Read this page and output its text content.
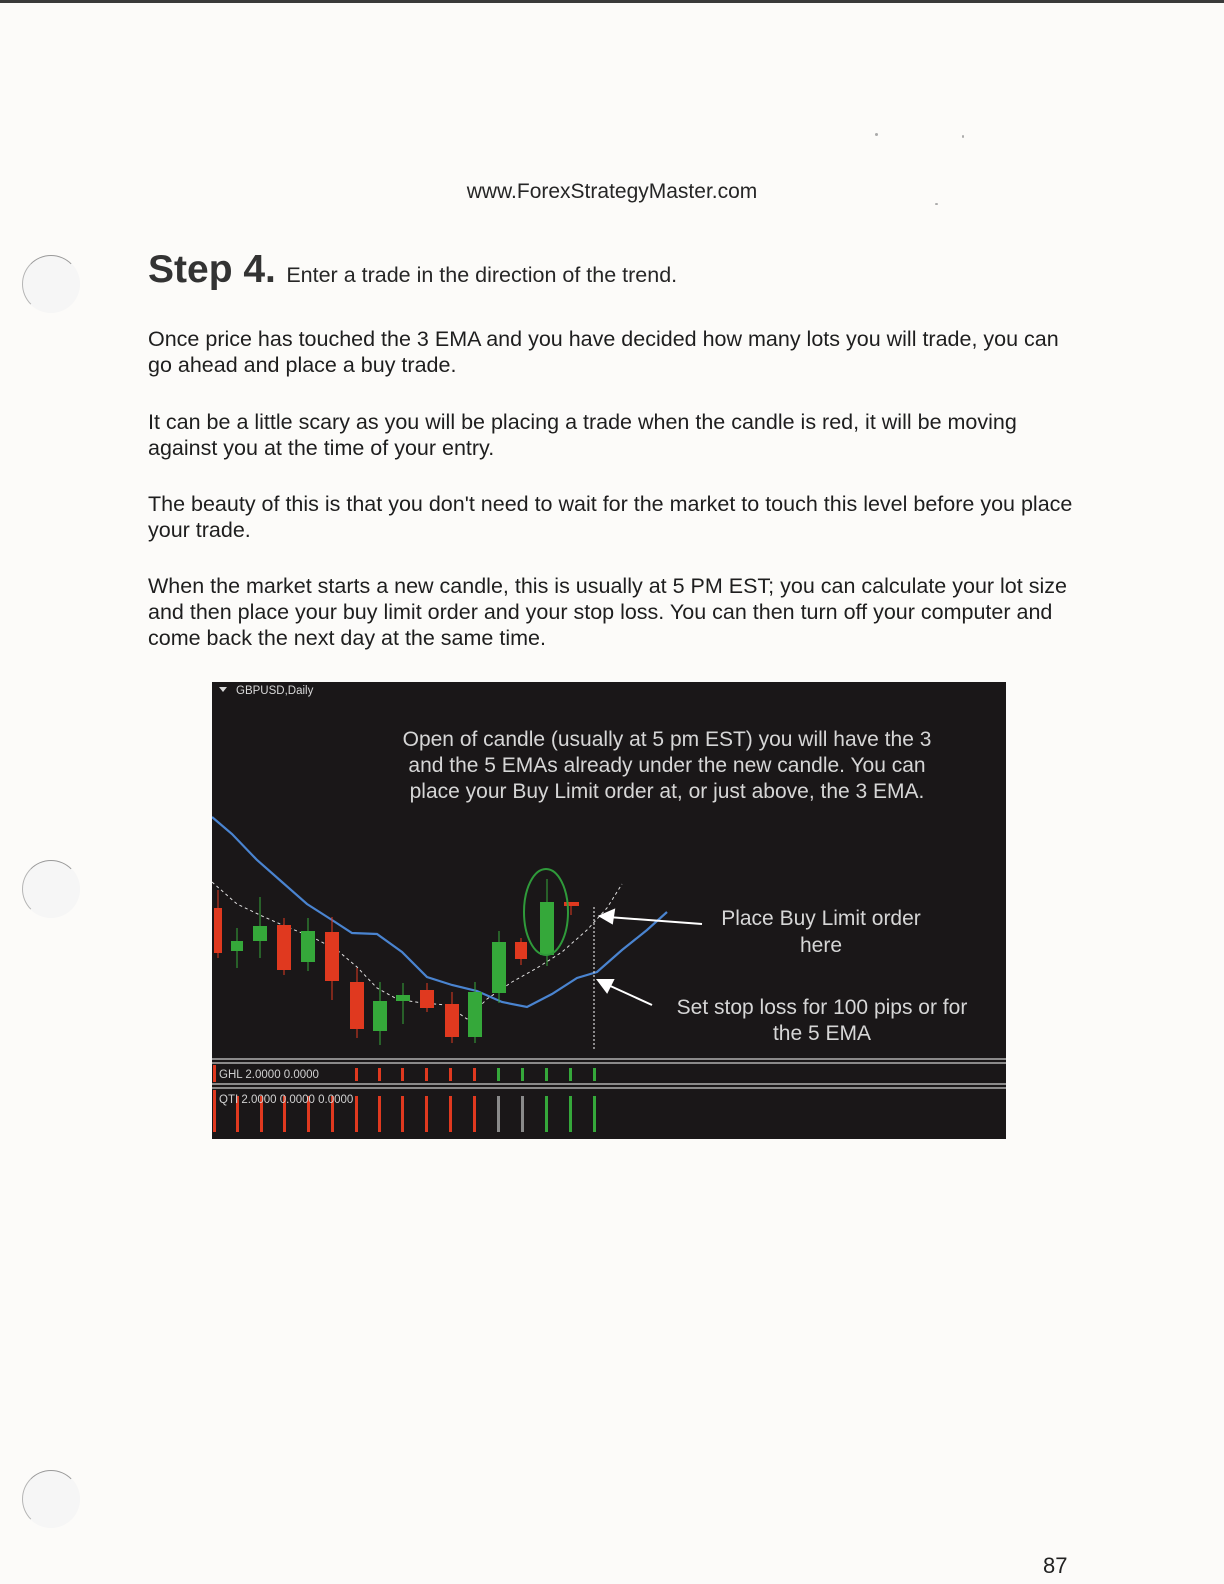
www.ForexStrategyMaster.com
Step 4. Enter a trade in the direction of the trend.
Once price has touched the 3 EMA and you have decided how many lots you will trade, you can go ahead and place a buy trade.
It can be a little scary as you will be placing a trade when the candle is red, it will be moving against you at the time of your entry.
The beauty of this is that you don't need to wait for the market to touch this level before you place your trade.
When the market starts a new candle, this is usually at 5 PM EST; you can calculate your lot size and then place your buy limit order and your stop loss. You can then turn off your computer and come back the next day at the same time.
GBPUSD,Daily
Open of candle (usually at 5 pm EST) you will have the 3
and the 5 EMAs already under the new candle. You can
place your Buy Limit order at, or just above, the 3 EMA.
Place Buy Limit order
here
Set stop loss for 100 pips or for
the 5 EMA
GHL 2.0000 0.0000
QTI 2.0000 0.0000 0.0000
87
